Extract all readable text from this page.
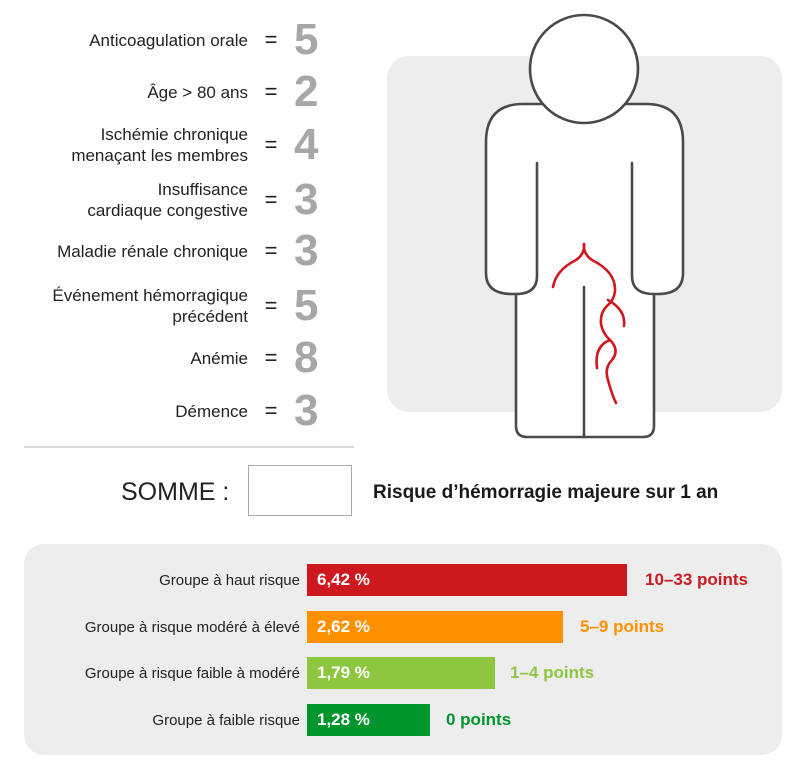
Anticoagulation orale = 5
Âge > 80 ans = 2
Ischémie chronique
menaçant les membres = 4
Insuffisance
cardiaque congestive = 3
Maladie rénale chronique = 3
Événement hémorragique
précédent = 5
Anémie = 8
Démence = 3
SOMME :	Risque d’hémorragie majeure sur 1 an
Groupe à haut risque	6,42 %	10–33 points
Groupe à risque modéré à élevé	2,62 %	5–9 points
Groupe à risque faible à modéré	1,79 %	1–4 points
Groupe à faible risque	1,28 %	0 points
